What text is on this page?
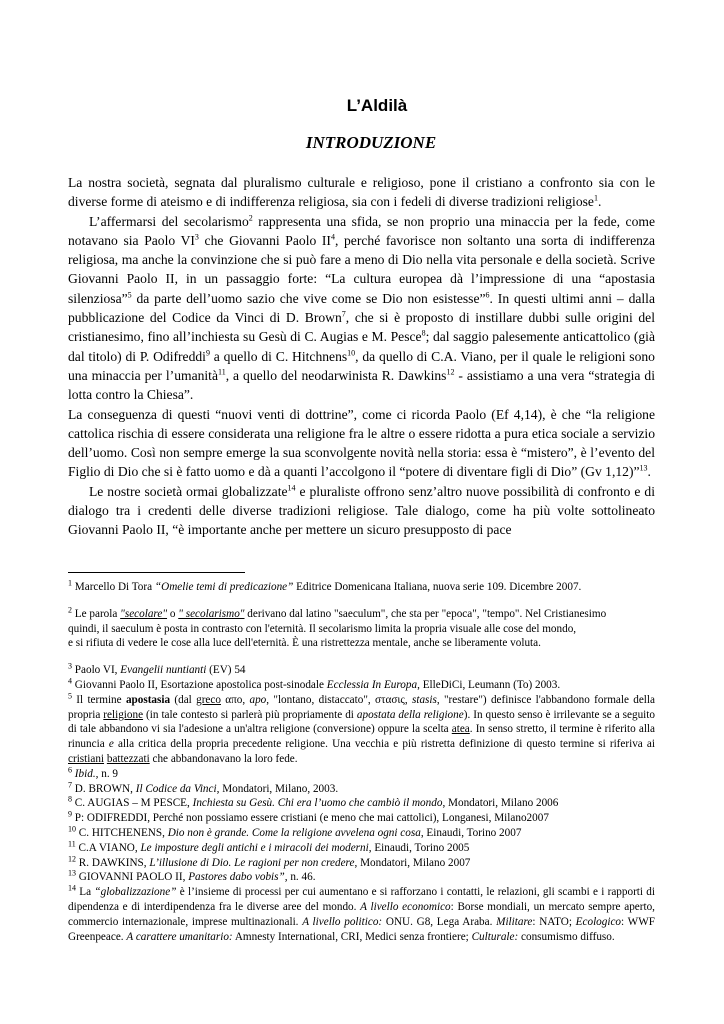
L’Aldilà
INTRODUZIONE

La nostra società, segnata dal pluralismo culturale e religioso, pone il cristiano a confronto sia con le diverse forme di ateismo e di indifferenza religiosa, sia con i fedeli di diverse tradizioni religiose$^1$.

L’affermarsi del secolarismo$^2$ rappresenta una sfida, se non proprio una minaccia per la fede, come notavano sia Paolo $VI^3$ che Giovanni Paolo $II^4$, perché favorisce non soltanto una sorta di indifferenza religiosa, ma anche la convinzione che si può fare a meno di Dio nella vita personale e della società. Scrive Giovanni Paolo II, in un passaggio forte: “La cultura europea dà l’impressione di una “apostasia silenziosa”$^5$ da parte dell’uomo sazio che vive come se Dio non esistesse”$^6$. In questi ultimi anni – dalla pubblicazione del Codice da Vinci di D. Brown$^7$, che si è proposto di instillare dubbi sulle origini del cristianesimo, fino all’inchiesta su Gesù di C. Augias e M. Pesce$^8$; dal saggio palesemente anticattolico (già dal titolo) di P. Odifreddi$^9$ a quello di C. Hitchnens$^{10}$, da quello di C.A. Viano, per il quale le religioni sono una minaccia per l’umanità$^{11}$, a quello del neodarwinista R. Dawkins$^{12}$ - assistiamo a una vera “strategia di lotta contro la Chiesa”.

La conseguenza di questi “nuovi venti di dottrine”, come ci ricorda Paolo (Ef 4,14), è che “la religione cattolica rischia di essere considerata una religione fra le altre o essere ridotta a pura etica sociale a servizio dell’uomo. Così non sempre emerge la sua sconvolgente novità nella storia: essa è “mistero”, è l’evento del Figlio di Dio che si è fatto uomo e dà a quanti l’accolgono il “potere di diventare figli di Dio” (Gv 1,12)”$^{13}$.

Le nostre società ormai globalizzate$^{14}$ e pluraliste offrono senz’altro nuove possibilità di confronto e di dialogo tra i credenti delle diverse tradizioni religiose. Tale dialogo, come ha più volte sottolineato Giovanni Paolo II, “è importante anche per mettere un sicuro presupposto di pace

$^1$ Marcello Di Tora “Omelie temi di predicazione” Editrice Domenicana Italiana, nuova serie 109. Dicembre 2007.

$^2$ Le parola "secolare" o " secolarismo" derivano dal latino "saeculum", che sta per "epoca", "tempo". Nel Cristianesimo
quindi, il saeculum è posta in contrasto con l'eternità. Il secolarismo limita la propria visuale alle cose del mondo,
e si rifiuta di vedere le cose alla luce dell'eternità. È una ristrettezza mentale, anche se liberamente voluta.

$^3$ Paolo VI, Evangelii nuntianti (EV) 54

$^4$ Giovanni Paolo II, Esortazione apostolica post-sinodale Ecclessia In Europa, ElleDiCi, Leumann (To) 2003.

$^5$ Il termine apostasia (dal greco απο, apo, "lontano, distaccato", στασις, stasis, "restare") definisce l'abbandono formale della propria religione (in tale contesto si parlerà più propriamente di apostata della religione). In questo senso è irrilevante se a seguito di tale abbandono vi sia l'adesione a un'altra religione (conversione) oppure la scelta atea. In senso stretto, il termine è riferito alla rinuncia e alla critica della propria precedente religione. Una vecchia e più ristretta definizione di questo termine si riferiva ai cristiani battezzati che abbandonavano la loro fede.

$^6$ Ibid., n. 9

$^7$ D. BROWN, Il Codice da Vinci, Mondatori, Milano, 2003.

$^8$ C. AUGIAS – M PESCE, Inchiesta su Gesù. Chi era l’uomo che cambiò il mondo, Mondatori, Milano 2006

$^9$ P: ODIFREDDI, Perché non possiamo essere cristiani (e meno che mai cattolici), Longanesi, Milano2007

$^{10}$ C. HITCHENENS, Dio non è grande. Come la religione avvelena ogni cosa, Einaudi, Torino 2007

$^{11}$ C.A VIANO, Le imposture degli antichi e i miracoli dei moderni, Einaudi, Torino 2005

$^{12}$ R. DAWKINS, L’illusione di Dio. Le ragioni per non credere, Mondatori, Milano 2007

$^{13}$ GIOVANNI PAOLO II, Pastores dabo vobis”, n. 46.

$^{14}$ La “globalizzazione” è l’insieme di processi per cui aumentano e si rafforzano i contatti, le relazioni, gli scambi e i rapporti di dipendenza e di interdipendenza fra le diverse aree del mondo. A livello economico: Borse mondiali, un mercato sempre aperto, commercio internazionale, imprese multinazionali. A livello politico: ONU. G8, Lega Araba. Militare: NATO; Ecologico: WWF Greenpeace. A carattere umanitario: Amnesty International, CRI, Medici senza frontiere; Culturale: consumismo diffuso.
